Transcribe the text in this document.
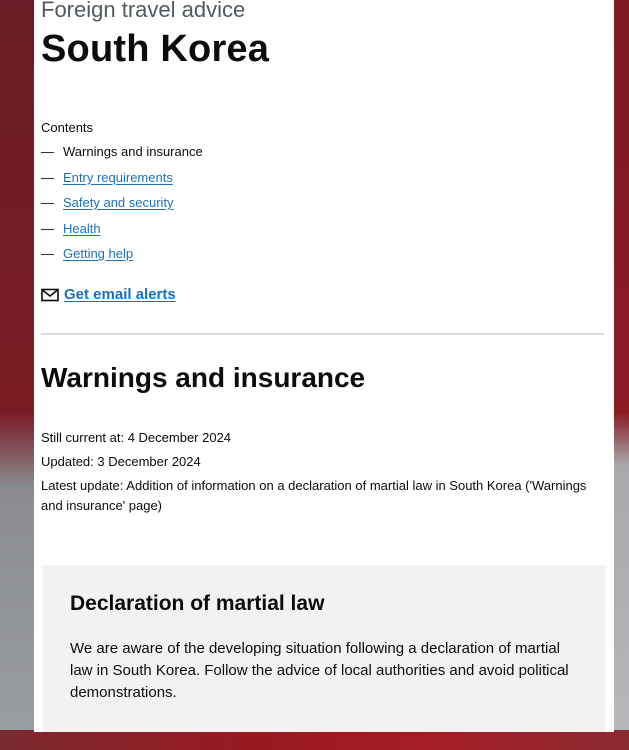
Foreign travel advice

South Korea

Contents

— Warnings and insurance
— Entry requirements
— Safety and security
— Health
— Getting help
Get email alerts
Warnings and insurance

Still current at: 4 December 2024

Updated: 3 December 2024

Latest update: Addition of information on a declaration of martial law in South Korea ('Warnings and insurance' page)

Declaration of martial law

We are aware of the developing situation following a declaration of martial law in South Korea. Follow the advice of local authorities and avoid political demonstrations.
